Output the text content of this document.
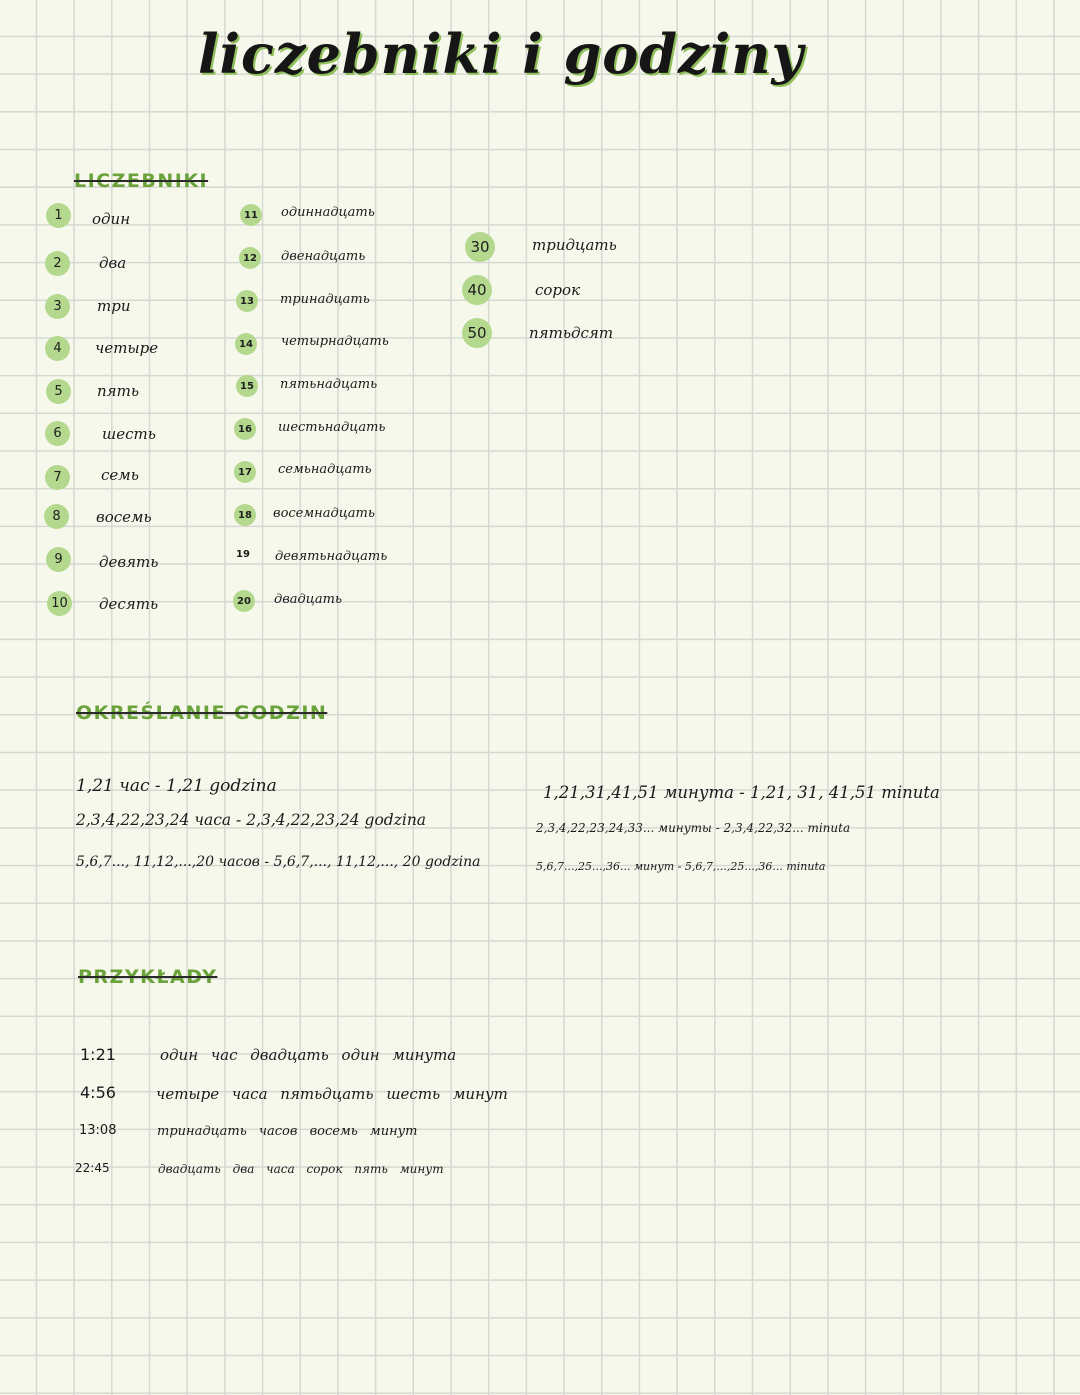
liczebniki i godziny
LICZEBNIKI
1	один
2	два
3	три
4	четыре
5	пять
6	шесть
7	семь
8	восемь
9	девять
10 десять
11	одиннадцать
12	двенадцать
13	тринадцать
14	четырнадцать
15	пятьнадцать
16	шестьнадцать
17	семьнадцать
18	восемнадцать
19 девятьнадцать
20	двадцать
30	тридцать
40	сорок
50	пятьдсят
OKREŚLANIE GODZIN
1,21 час - 1,21 godzina
2,3,4,22,23,24 часа - 2,3,4,22,23,24 godzina
5,6,7..., 11,12,...,20 часов - 5,6,7,..., 11,12,..., 20 godzina
1,21,31,41,51 минута - 1,21, 31, 41,51 minuta
2,3,4,22,23,24,33... минуты - 2,3,4,22,32... minuta
5,6,7...,25...,36... минут - 5,6,7,...,25...,36... minuta
PRZYKŁADY
1:21	один час двадцать один минута
4:56	четыре часа пятьдцать шесть минут
13:08	тринадцать часов восемь минут
22:45	двадцать два часа сорок пять минут
